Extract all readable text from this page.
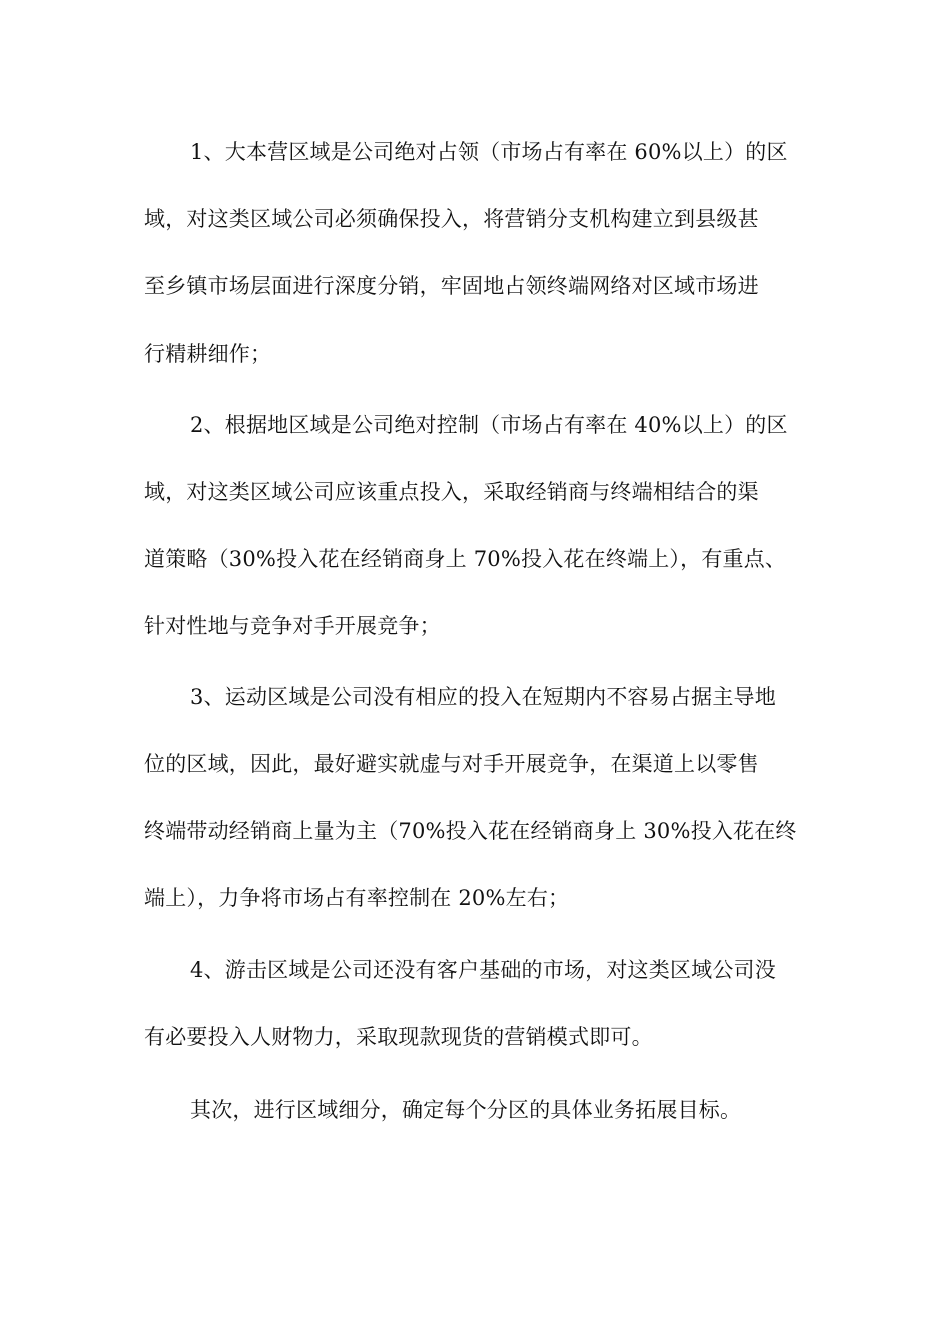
1、大本营区域是公司绝对占领（市场占有率在 60%以上）的区
域，对这类区域公司必须确保投入，将营销分支机构建立到县级甚
至乡镇市场层面进行深度分销，牢固地占领终端网络对区域市场进
行精耕细作；
2、根据地区域是公司绝对控制（市场占有率在 40%以上）的区
域，对这类区域公司应该重点投入，采取经销商与终端相结合的渠
道策略（30%投入花在经销商身上 70%投入花在终端上），有重点、
针对性地与竞争对手开展竞争；
3、运动区域是公司没有相应的投入在短期内不容易占据主导地
位的区域，因此，最好避实就虚与对手开展竞争，在渠道上以零售
终端带动经销商上量为主（70%投入花在经销商身上 30%投入花在终
端上），力争将市场占有率控制在 20%左右；
4、游击区域是公司还没有客户基础的市场，对这类区域公司没
有必要投入人财物力，采取现款现货的营销模式即可。
其次，进行区域细分，确定每个分区的具体业务拓展目标。
